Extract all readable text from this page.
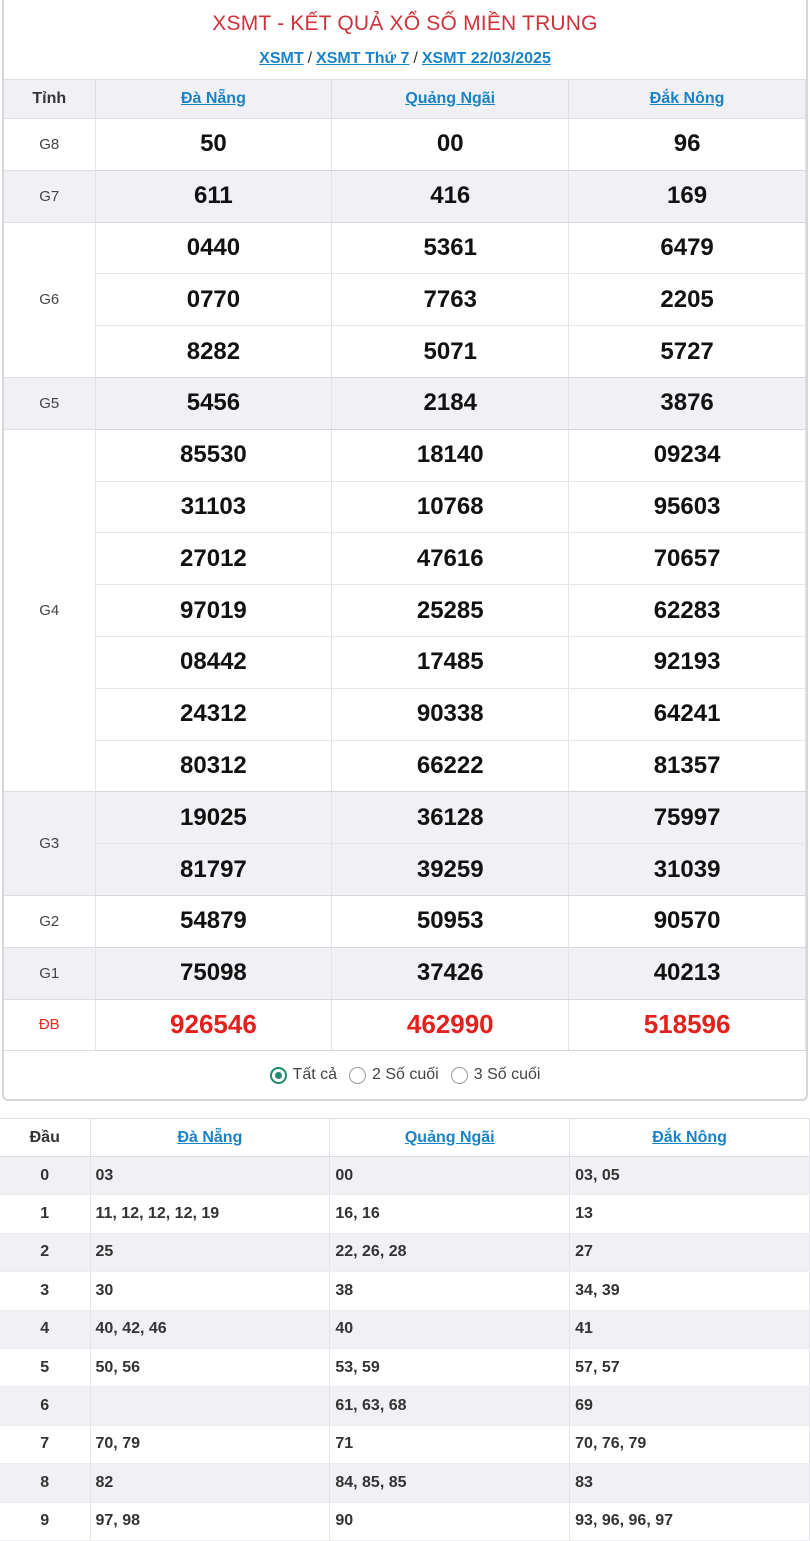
XSMT - KẾT QUẢ XỔ SỐ MIỀN TRUNG
XSMT / XSMT Thứ 7 / XSMT 22/03/2025
Tỉnh	Đà Nẵng	Quảng Ngãi	Đắk Nông
G8	50	00	96
G7	611	416	169
G6	0440	5361	6479
	0770	7763	2205
	8282	5071	5727
G5	5456	2184	3876
G4	85530	18140	09234
	31103	10768	95603
	27012	47616	70657
	97019	25285	62283
	08442	17485	92193
	24312	90338	64241
	80312	66222	81357
G3	19025	36128	75997
	81797	39259	31039
G2	54879	50953	90570
G1	75098	37426	40213
ĐB	926546	462990	518596
Tất cả 2 Số cuối 3 Số cuối
Đầu	Đà Nẵng	Quảng Ngãi	Đắk Nông
0	03	00	03, 05
1	11, 12, 12, 12, 19	16, 16	13
2	25	22, 26, 28	27
3	30	38	34, 39
4	40, 42, 46	40	41
5	50, 56	53, 59	57, 57
6		61, 63, 68	69
7	70, 79	71	70, 76, 79
8	82	84, 85, 85	83
9	97, 98	90	93, 96, 96, 97
